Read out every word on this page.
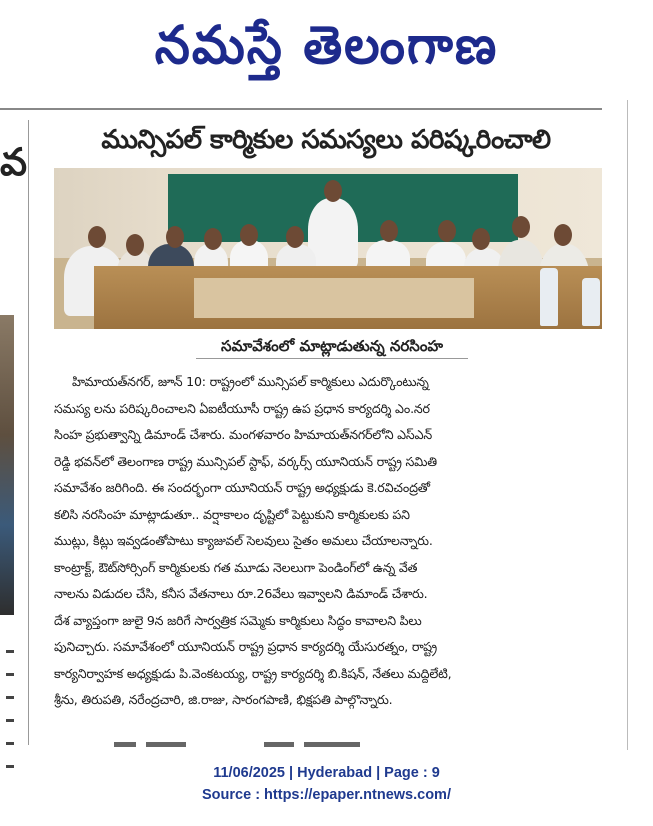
నమస్తే తెలంగాణ
వ	మున్సిపల్ కార్మికుల సమస్యలు పరిష్కరించాలి
సమావేశంలో మాట్లాడుతున్న నరసింహ
హిమాయత్‌నగర్, జూన్ 10: రాష్ట్రంలో మున్సిపల్ కార్మికులు ఎదుర్కొంటున్న
సమస్య లను పరిష్కరించాలని ఏఐటీయూసీ రాష్ట్ర ఉప ప్రధాన కార్యదర్శి ఎం.నర
సింహ ప్రభుత్వాన్ని డిమాండ్ చేశారు. మంగళవారం హిమాయత్‌నగర్‌లోని ఎస్ఎన్
రెడ్డి భవన్‌లో తెలంగాణ రాష్ట్ర మున్సిపల్ స్టాఫ్, వర్కర్స్ యూనియన్ రాష్ట్ర సమితి
సమావేశం జరిగింది. ఈ సందర్భంగా యూనియన్ రాష్ట్ర అధ్యక్షుడు కె.రవిచంద్రతో
కలిసి నరసింహ మాట్లాడుతూ.. వర్షాకాలం దృష్టిలో పెట్టుకుని కార్మికులకు పని
ముట్లు, కిట్లు ఇవ్వడంతోపాటు క్యాజువల్ సెలవులు సైతం అమలు చేయాలన్నారు.
కాంట్రాక్ట్, ఔట్‌సోర్సింగ్ కార్మికులకు గత మూడు నెలలుగా పెండింగ్‌లో ఉన్న వేత
నాలను విడుదల చేసి, కనీస వేతనాలు రూ.26వేలు ఇవ్వాలని డిమాండ్ చేశారు.
దేశ వ్యాప్తంగా జులై 9న జరిగే సార్వత్రిక సమ్మెకు కార్మికులు సిద్ధం కావాలని పిలు
పునిచ్చారు. సమావేశంలో యూనియన్ రాష్ట్ర ప్రధాన కార్యదర్శి యేసురత్నం, రాష్ట్ర
కార్యనిర్వాహక అధ్యక్షుడు పి.వెంకటయ్య, రాష్ట్ర కార్యదర్శి బి.కిషన్, నేతలు మద్దిలేటి,
శ్రీను, తిరుపతి, నరేంద్రచారి, జి.రాజు, సారంగపాణి, భిక్షపతి పాల్గొన్నారు.
11/06/2025 | Hyderabad | Page : 9
Source : https://epaper.ntnews.com/
